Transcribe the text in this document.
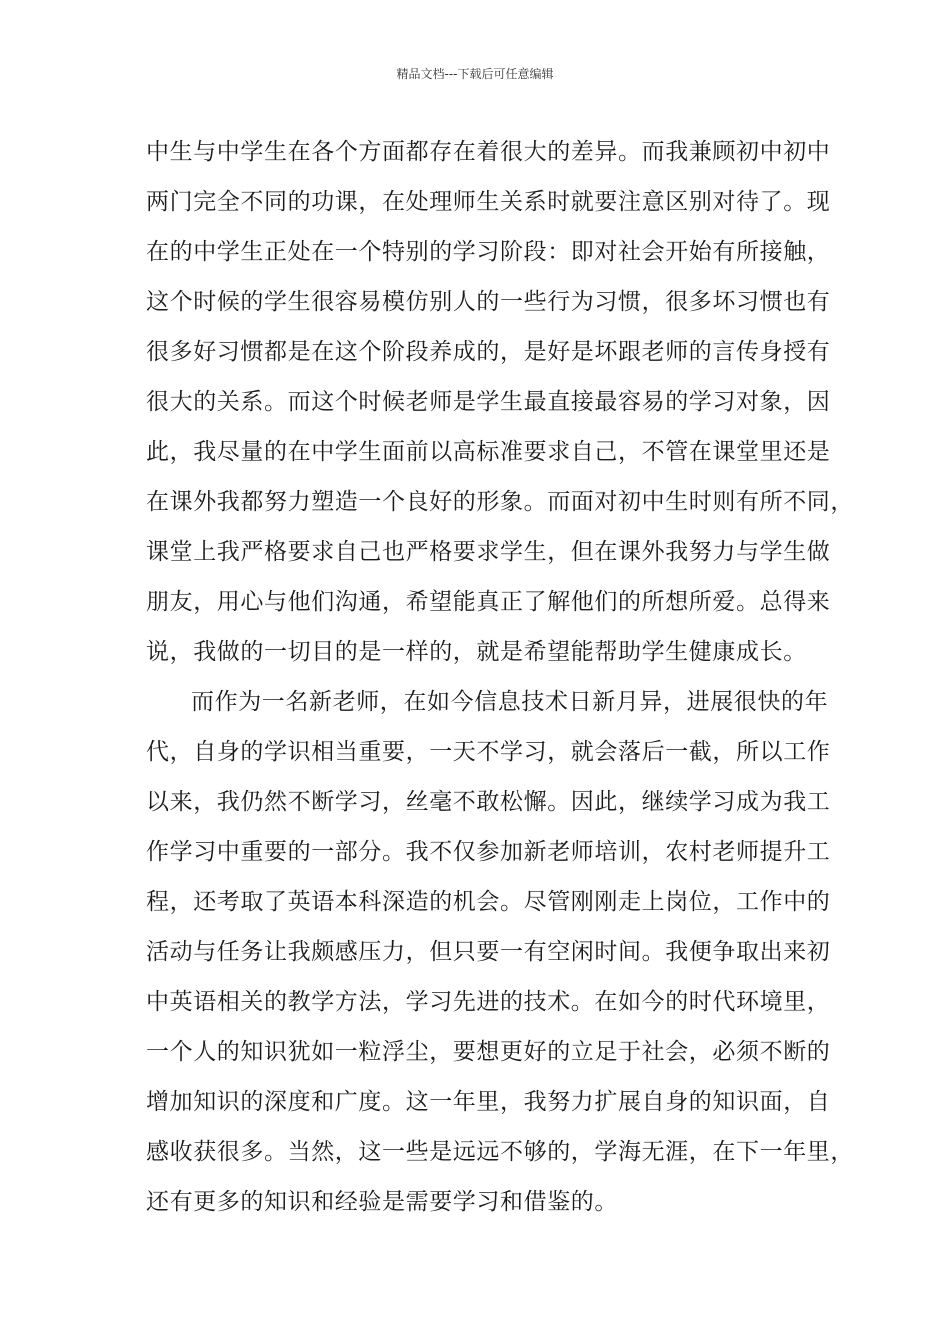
精品文档---下载后可任意编辑
中生与中学生在各个方面都存在着很大的差异。而我兼顾初中初中
两门完全不同的功课，在处理师生关系时就要注意区别对待了。现
在的中学生正处在一个特别的学习阶段：即对社会开始有所接触，
这个时候的学生很容易模仿别人的一些行为习惯，很多坏习惯也有
很多好习惯都是在这个阶段养成的，是好是坏跟老师的言传身授有
很大的关系。而这个时候老师是学生最直接最容易的学习对象，因
此，我尽量的在中学生面前以高标准要求自己，不管在课堂里还是
在课外我都努力塑造一个良好的形象。而面对初中生时则有所不同，
课堂上我严格要求自己也严格要求学生，但在课外我努力与学生做
朋友，用心与他们沟通，希望能真正了解他们的所想所爱。总得来
说，我做的一切目的是一样的，就是希望能帮助学生健康成长。
而作为一名新老师，在如今信息技术日新月异，进展很快的年
代，自身的学识相当重要，一天不学习，就会落后一截，所以工作
以来，我仍然不断学习，丝毫不敢松懈。因此，继续学习成为我工
作学习中重要的一部分。我不仅参加新老师培训，农村老师提升工
程，还考取了英语本科深造的机会。尽管刚刚走上岗位，工作中的
活动与任务让我颇感压力，但只要一有空闲时间。我便争取出来初
中英语相关的教学方法，学习先进的技术。在如今的时代环境里，
一个人的知识犹如一粒浮尘，要想更好的立足于社会，必须不断的
增加知识的深度和广度。这一年里，我努力扩展自身的知识面，自
感收获很多。当然，这一些是远远不够的，学海无涯，在下一年里，
还有更多的知识和经验是需要学习和借鉴的。
